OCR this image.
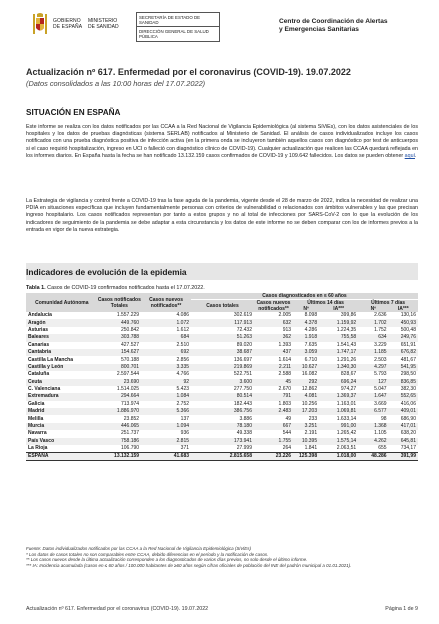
GOBIERNO
DE ESPAÑA
MINISTERIO
DE SANIDAD
SECRETARÍA DE ESTADO DE SANIDAD
DIRECCIÓN GENERAL DE SALUD PÚBLICA
Centro de Coordinación de Alertas
y Emergencias Sanitarias
Actualización nº 617. Enfermedad por el coronavirus (COVID-19). 19.07.2022
(Datos consolidados a las 10:00 horas del 17.07.2022)
SITUACIÓN EN ESPAÑA
Este informe se realiza con los datos notificados por las CCAA a la Red Nacional de Vigilancia Epidemiológica (al sistema SiViEs), con los datos asistenciales de los hospitales y los datos de pruebas diagnósticas (sistema SERLAB) notificados al Ministerio de Sanidad. El análisis de casos individualizados incluye los casos notificados con una prueba diagnóstica positiva de infección activa (en la primera onda se incluyeron también aquellos casos con diagnóstico por test de anticuerpos si el caso requirió hospitalización, ingreso en UCI o falleció con diagnóstico clínico de COVID-19). Cualquier actualización que realicen las CCAA quedará reflejada en los informes diarios. En España hasta la fecha se han notificado 13.132.159 casos confirmados de COVID-19 y 109.642 fallecidos. Los datos se pueden obtener aquí.
La Estrategia de vigilancia y control frente a COVID-19 tras la fase aguda de la pandemia, vigente desde el 28 de marzo de 2022, indica la necesidad de realizar una PDIA en situaciones específicas que incluyen fundamentalmente personas con criterios de vulnerabilidad o relacionados con ámbitos vulnerables y las que precisan ingreso hospitalario. Los casos notificados representan por tanto a estos grupos y no al total de infecciones por SARS-CoV-2 con lo que la evolución de los indicadores de seguimiento de la pandemia se debe adaptar a esta circunstancia y los datos de este informe no se deben comparar con los de informes previos a la entrada en vigor de la nueva estrategia.
Indicadores de evolución de la epidemia
Tabla 1. Casos de COVID-19 confirmados notificados hasta el 17.07.2022.
Comunidad Autónoma	Casos notificados Totales	Casos nuevos notificados**	Casos diagnosticados en ≤ 60 años					
			Casos totales	Casos nuevos notificados**	Últimos 14 días		Últimos 7 días	
					Nº	IA***	Nº	IA***
Andalucía	1.557.229	4.086	302.619	2.005	8.098	399,86	2.636	130,16
Aragón	449.760	1.072	117.913	632	4.378	1.159,92	1.702	450,93
Asturias	250.842	1.612	72.432	913	4.286	1.224,35	1.752	500,48
Baleares	303.788	684	51.263	362	1.918	755,58	634	249,76
Canarias	427.527	2.510	89.020	1.393	7.635	1.541,43	3.229	651,91
Cantabria	154.627	692	38.687	437	3.059	1.747,17	1.185	676,82
Castilla La Mancha	570.188	2.856	136.697	1.614	6.710	1.291,26	2.503	481,67
Castilla y León	800.701	3.335	219.869	2.211	10.627	1.340,30	4.297	541,95
Cataluña	2.597.544	4.766	522.751	2.588	16.082	828,67	5.793	298,50
Ceuta	23.690	92	3.600	45	292	696,24	127	836,85
C. Valenciana	1.514.025	5.423	277.750	2.670	12.862	974,27	5.047	382,30
Extremadura	294.664	1.084	80.514	791	4.081	1.369,37	1.647	552,65
Galicia	713.974	2.752	182.443	1.803	10.256	1.163,01	3.669	416,06
Madrid	1.886.970	5.366	386.756	2.483	17.203	1.069,81	6.577	409,01
Melilla	23.852	137	3.886	49	233	1.633,14	98	686,90
Murcia	446.065	1.094	78.180	667	3.251	991,00	1.368	417,01
Navarra	251.737	936	49.338	544	2.191	1.265,42	1.105	638,20
País Vasco	758.186	2.815	173.941	1.755	10.395	1.575,14	4.262	645,81
La Rioja	106.790	371	27.999	264	1.841	2.063,51	655	734,17
ESPAÑA	13.132.159	41.683	2.815.658	23.226	125.398	1.018,00	48.286	391,99
Fuente: Datos individualizados notificados por las CCAA a la Red Nacional de Vigilancia Epidemiológica (SiViEs)
* Los datos de casos totales no son comparables entre CCAA, debido diferencias en el período y la notificación de casos.
** Los casos nuevos desde la última actualización corresponden a los diagnosticados de varios días previos, no solo desde el último informe.
*** IA: Incidencia acumulada (casos en ≤ 60 años / 100.000 habitantes de ≥60 años según cifras oficiales de población del INE del padrón municipal a 01.01.2021).
Actualización nº 617. Enfermedad por el coronavirus (COVID-19). 19.07.2022	Página 1 de 9
